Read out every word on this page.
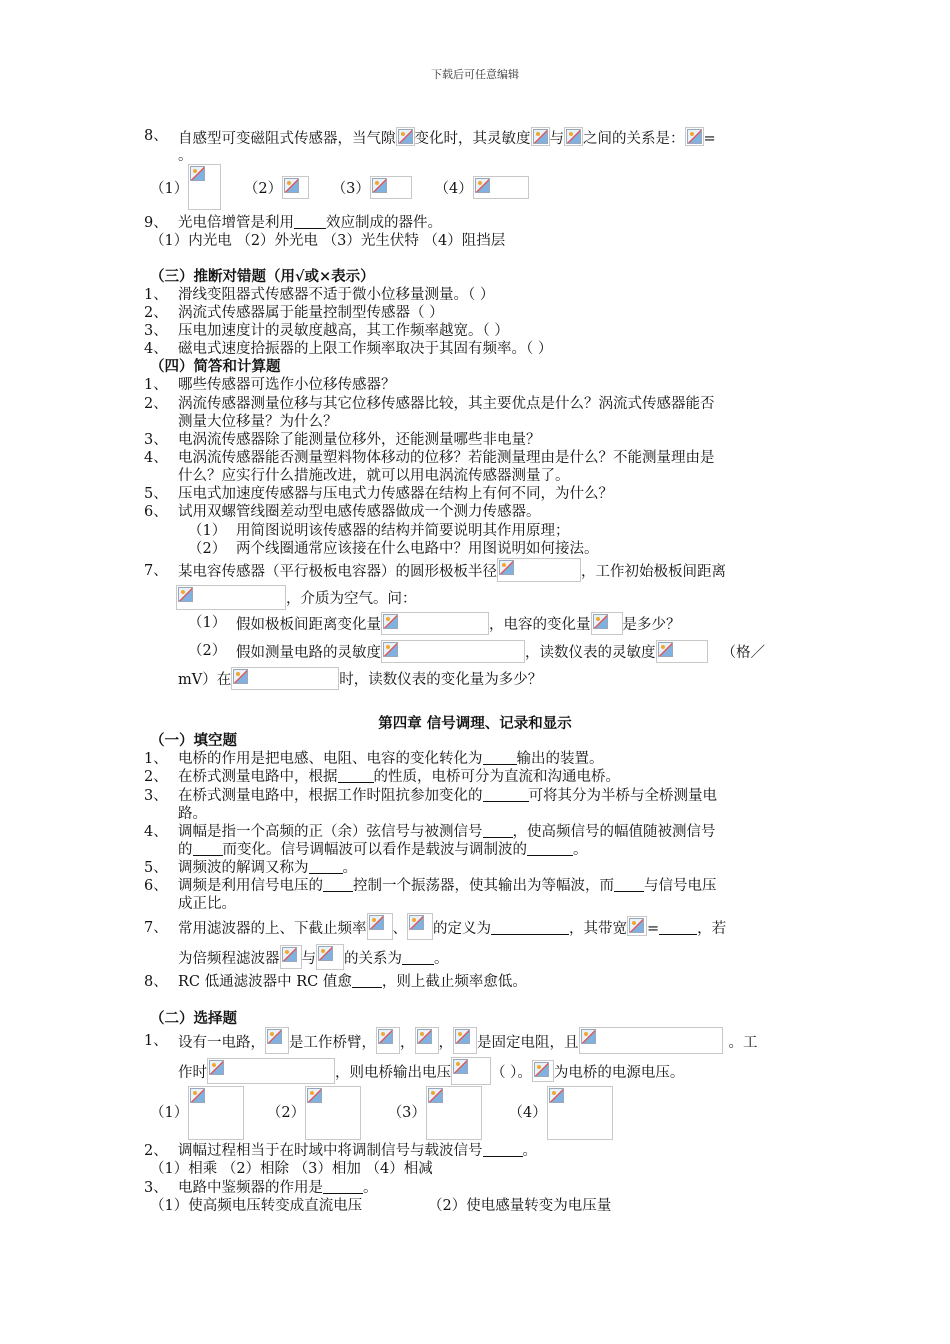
下载后可任意编辑
8、 自感型可变磁阻式传感器，当气隙 变化时，其灵敏度 与 之间的关系是： =
。
（1）	（2）	（3）	（4）
9、 光电倍增管是利用 效应制成的器件。
（1）内光电 （2）外光电 （3）光生伏特 （4）阻挡层
（三）推断对错题（用√或×表示）
1、 滑线变阻器式传感器不适于微小位移量测量。（ ）
2、 涡流式传感器属于能量控制型传感器（ ）
3、 压电加速度计的灵敏度越高，其工作频率越宽。（ ）
4、 磁电式速度拾振器的上限工作频率取决于其固有频率。（ ）
（四）简答和计算题
1、 哪些传感器可选作小位移传感器？
2、 涡流传感器测量位移与其它位移传感器比较，其主要优点是什么？涡流式传感器能否
测量大位移量？为什么？
3、 电涡流传感器除了能测量位移外，还能测量哪些非电量？
4、 电涡流传感器能否测量塑料物体移动的位移？若能测量理由是什么？不能测量理由是
什么？应实行什么措施改进，就可以用电涡流传感器测量了。
5、 压电式加速度传感器与压电式力传感器在结构上有何不同，为什么？
6、 试用双螺管线圈差动型电感传感器做成一个测力传感器。
（1） 用简图说明该传感器的结构并简要说明其作用原理；
（2） 两个线圈通常应该接在什么电路中？用图说明如何接法。
7、 某电容传感器（平行极板电容器）的圆形极板半径	，工作初始极板间距离
，介质为空气。问：
（1） 假如极板间距离变化量	，电容的变化量 是多少？
（2） 假如测量电路的灵敏度	，读数仪表的灵敏度	（格／
mV）在	时，读数仪表的变化量为多少？
第四章 信号调理、记录和显示
（一）填空题
1、 电桥的作用是把电感、电阻、电容的变化转化为 输出的装置。
2、 在桥式测量电路中，根据 的性质，电桥可分为直流和沟通电桥。
3、 在桥式测量电路中，根据工作时阻抗参加变化的	可将其分为半桥与全桥测量电
路。
4、 调幅是指一个高频的正（余）弦信号与被测信号 ，使高频信号的幅值随被测信号
的 而变化。信号调幅波可以看作是载波与调制波的	。
5、 调频波的解调又称为 。
6、 调频是利用信号电压的 控制一个振荡器，使其输出为等幅波，而 与信号电压
成正比。
7、 常用滤波器的上、下截止频率 、 的定义为	，其带宽 =	，若
为倍频程滤波器 与 的关系为 。
8、 RC 低通滤波器中 RC 值愈 ，则上截止频率愈低。
（二）选择题
1、 设有一电路， 是工作桥臂， ， ， 是固定电阻，且	。工
作时	，则电桥输出电压	（ ）。 为电桥的电源电压。
（1）	（2）	（3）	（4）
2、 调幅过程相当于在时域中将调制信号与载波信号	。
（1）相乘 （2）相除 （3）相加 （4）相减
3、 电路中鉴频器的作用是	。
（1）使高频电压转变成直流电压	（2）使电感量转变为电压量
